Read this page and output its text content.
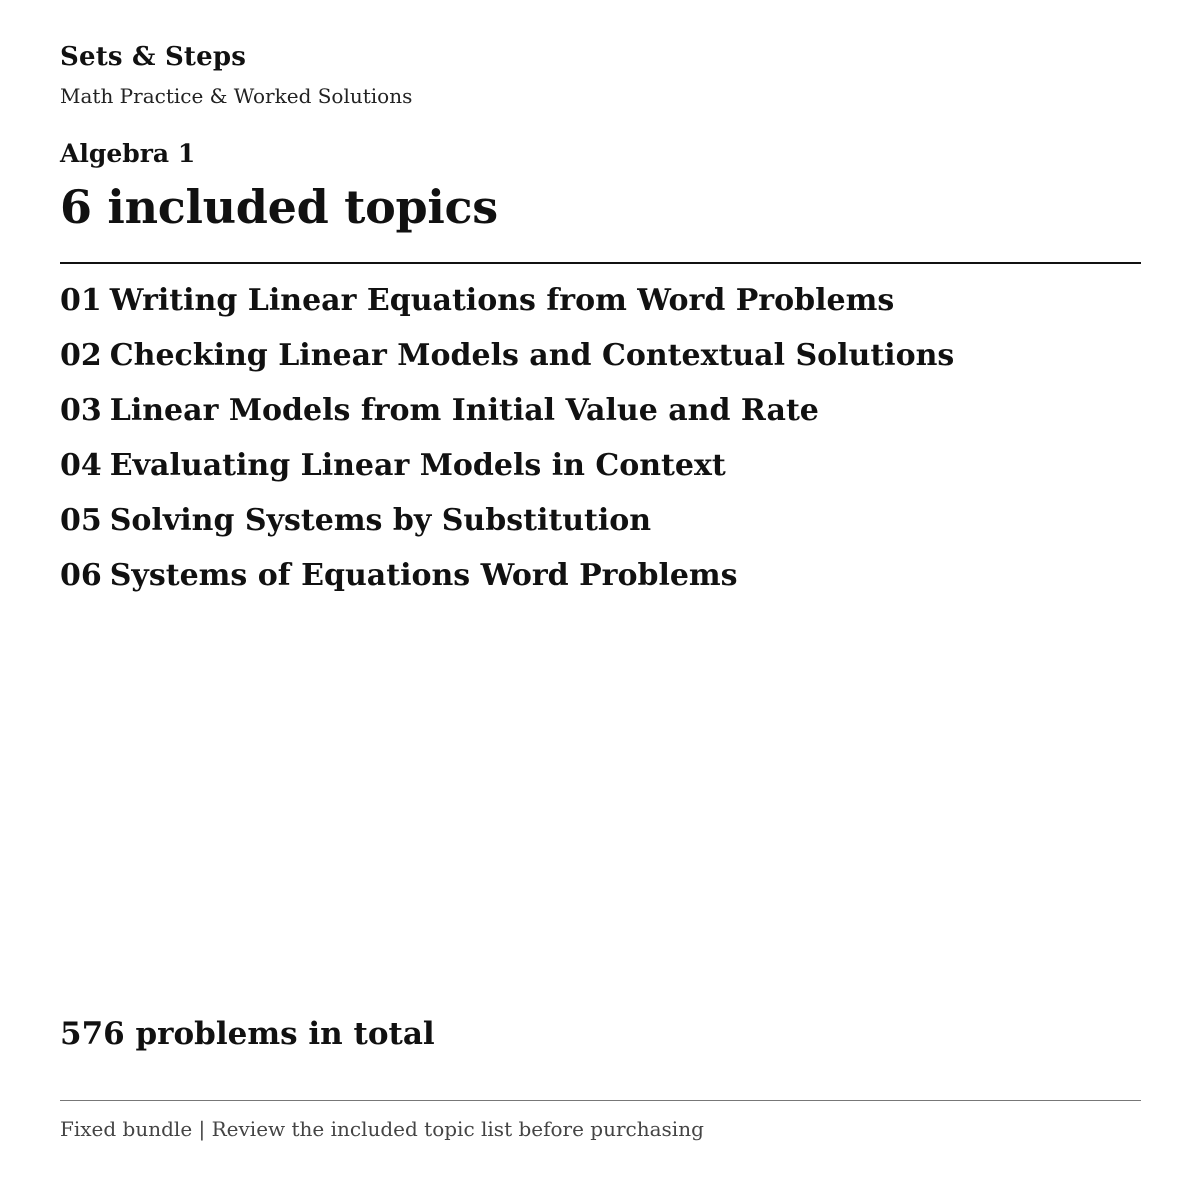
Sets & Steps
Math Practice & Worked Solutions
Algebra 1
6 included topics
01 Writing Linear Equations from Word Problems
02 Checking Linear Models and Contextual Solutions
03 Linear Models from Initial Value and Rate
04 Evaluating Linear Models in Context
05 Solving Systems by Substitution
06 Systems of Equations Word Problems
576 problems in total
Fixed bundle | Review the included topic list before purchasing
